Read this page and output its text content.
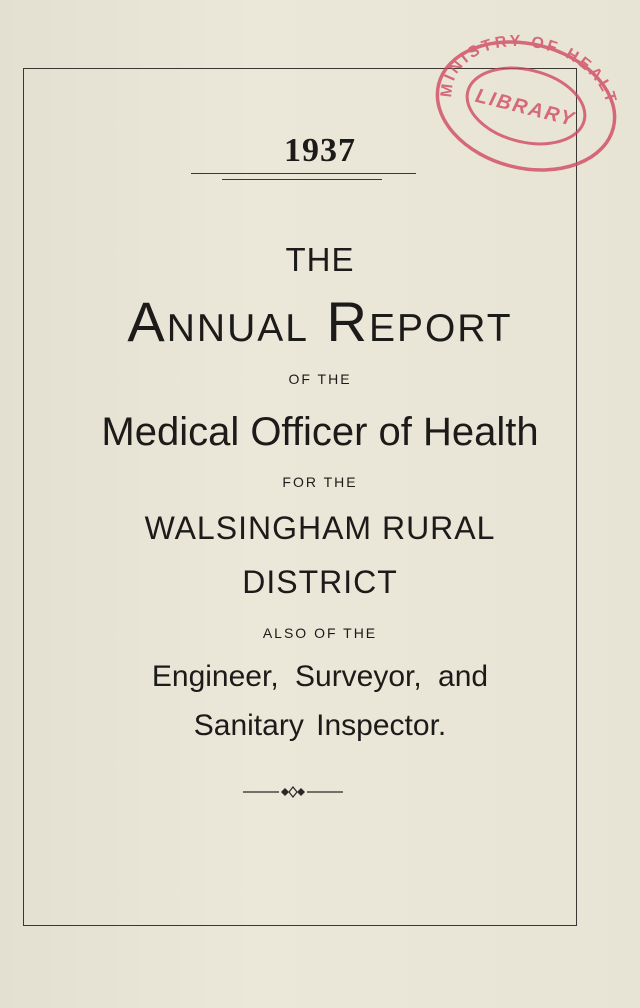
1937
THE
Annual Report
OF THE
Medical Officer of Health
FOR THE
WALSINGHAM RURAL
DISTRICT
ALSO OF THE
Engineer, Surveyor, and
Sanitary Inspector.
MINISTRY OF HEALTH
LIBRARY
